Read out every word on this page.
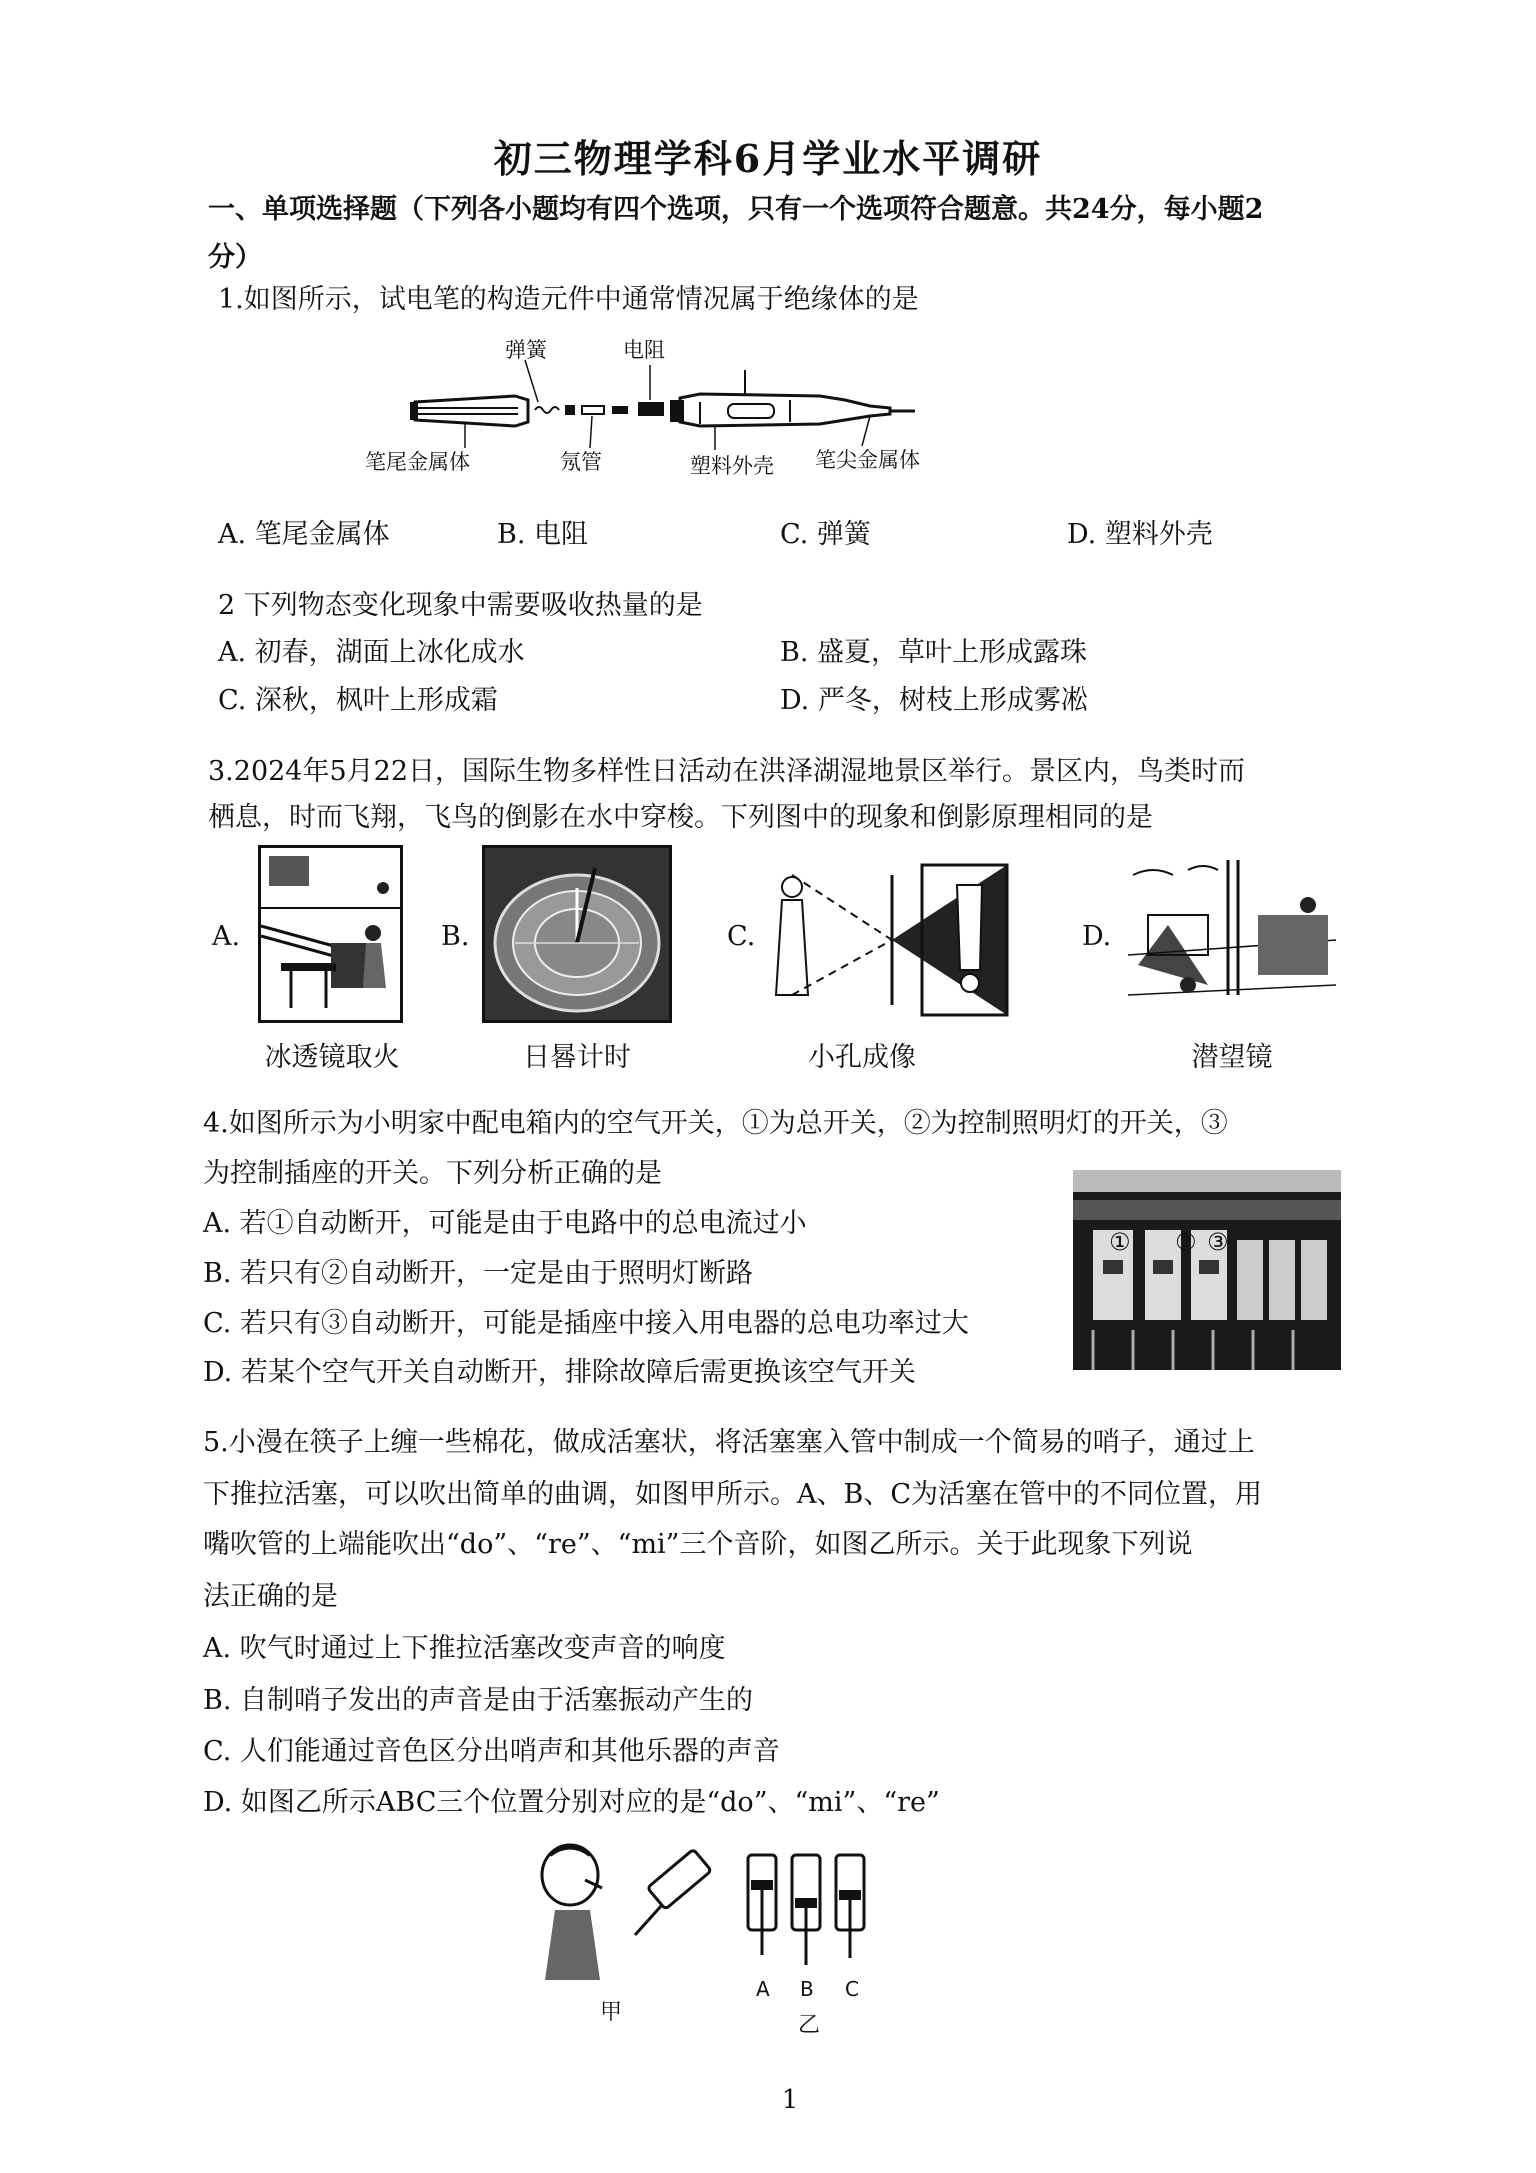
初三物理学科6月学业水平调研
一、单项选择题（下列各小题均有四个选项，只有一个选项符合题意。共24分，每小题2
分）
1.如图所示，试电笔的构造元件中通常情况属于绝缘体的是
弹簧	电阻
笔尾金属体	氖管	塑料外壳 笔尖金属体
A. 笔尾金属体	B. 电阻	C. 弹簧	D. 塑料外壳
2 下列物态变化现象中需要吸收热量的是
A. 初春，湖面上冰化成水	B. 盛夏，草叶上形成露珠
C. 深秋，枫叶上形成霜	D. 严冬，树枝上形成雾凇
3.2024年5月22日，国际生物多样性日活动在洪泽湖湿地景区举行。景区内，鸟类时而
栖息，时而飞翔，飞鸟的倒影在水中穿梭。下列图中的现象和倒影原理相同的是
A.	B.	C.	D.
冰透镜取火	日晷计时	小孔成像	潜望镜
4.如图所示为小明家中配电箱内的空气开关，①为总开关，②为控制照明灯的开关，③
为控制插座的开关。下列分析正确的是
A. 若①自动断开，可能是由于电路中的总电流过小
B. 若只有②自动断开，一定是由于照明灯断路
C. 若只有③自动断开，可能是插座中接入用电器的总电功率过大
D. 若某个空气开关自动断开，排除故障后需更换该空气开关
① ② ③
5.小漫在筷子上缠一些棉花，做成活塞状，将活塞塞入管中制成一个简易的哨子，通过上
下推拉活塞，可以吹出简单的曲调，如图甲所示。A、B、C为活塞在管中的不同位置，用
嘴吹管的上端能吹出“do”、“re”、“mi”三个音阶，如图乙所示。关于此现象下列说
法正确的是
A. 吹气时通过上下推拉活塞改变声音的响度
B. 自制哨子发出的声音是由于活塞振动产生的
C. 人们能通过音色区分出哨声和其他乐器的声音
D. 如图乙所示ABC三个位置分别对应的是“do”、“mi”、“re”
甲
A B C
乙
1
